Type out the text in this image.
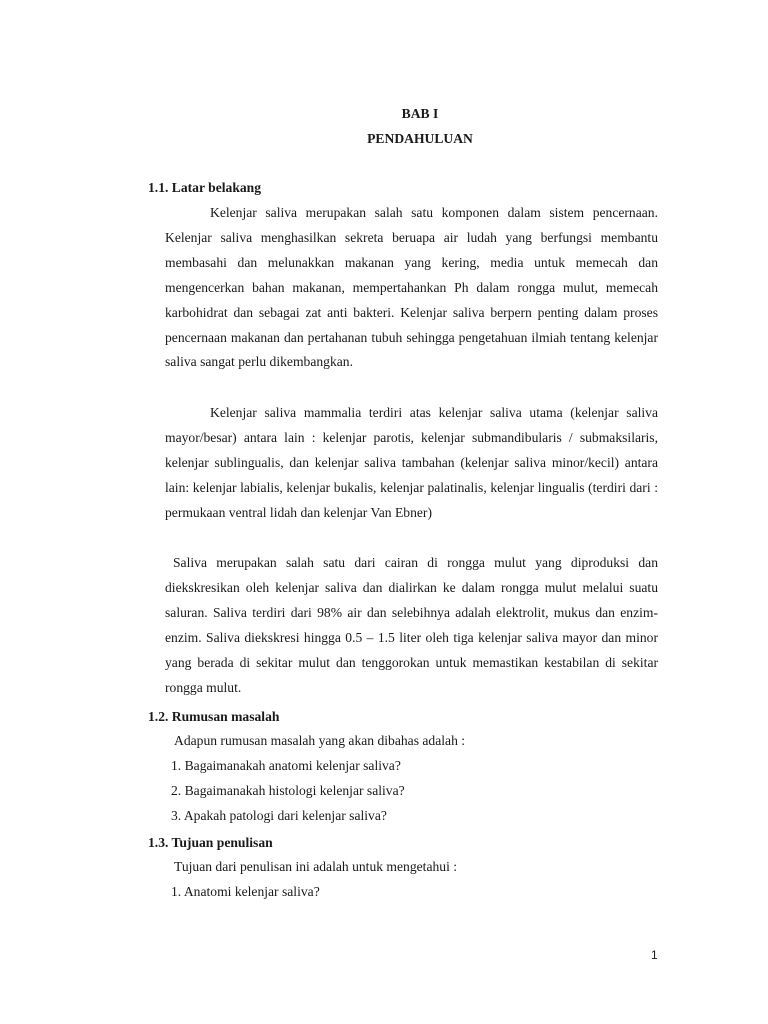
BAB I
PENDAHULUAN
1.1. Latar belakang

Kelenjar saliva merupakan salah satu komponen dalam sistem pencernaan. Kelenjar saliva menghasilkan sekreta beruapa air ludah yang berfungsi membantu membasahi dan melunakkan makanan yang kering, media untuk memecah dan mengencerkan bahan makanan, mempertahankan Ph dalam rongga mulut, memecah karbohidrat dan sebagai zat anti bakteri. Kelenjar saliva berpern penting dalam proses pencernaan makanan dan pertahanan tubuh sehingga pengetahuan ilmiah tentang kelenjar saliva sangat perlu dikembangkan.

Kelenjar saliva mammalia terdiri atas kelenjar saliva utama (kelenjar saliva mayor/besar) antara lain : kelenjar parotis, kelenjar submandibularis / submaksilaris, kelenjar sublingualis, dan kelenjar saliva tambahan (kelenjar saliva minor/kecil) antara lain: kelenjar labialis, kelenjar bukalis, kelenjar palatinalis, kelenjar lingualis (terdiri dari : permukaan ventral lidah dan kelenjar Van Ebner)

Saliva merupakan salah satu dari cairan di rongga mulut yang diproduksi dan diekskresikan oleh kelenjar saliva dan dialirkan ke dalam rongga mulut melalui suatu saluran. Saliva terdiri dari 98% air dan selebihnya adalah elektrolit, mukus dan enzim-enzim. Saliva diekskresi hingga 0.5 – 1.5 liter oleh tiga kelenjar saliva mayor dan minor yang berada di sekitar mulut dan tenggorokan untuk memastikan kestabilan di sekitar rongga mulut.

1.2. Rumusan masalah
Adapun rumusan masalah yang akan dibahas adalah :
1. Bagaimanakah anatomi kelenjar saliva?
2. Bagaimanakah histologi kelenjar saliva?
3. Apakah patologi dari kelenjar saliva?
1.3. Tujuan penulisan
Tujuan dari penulisan ini adalah untuk mengetahui :
1. Anatomi kelenjar saliva?
1
